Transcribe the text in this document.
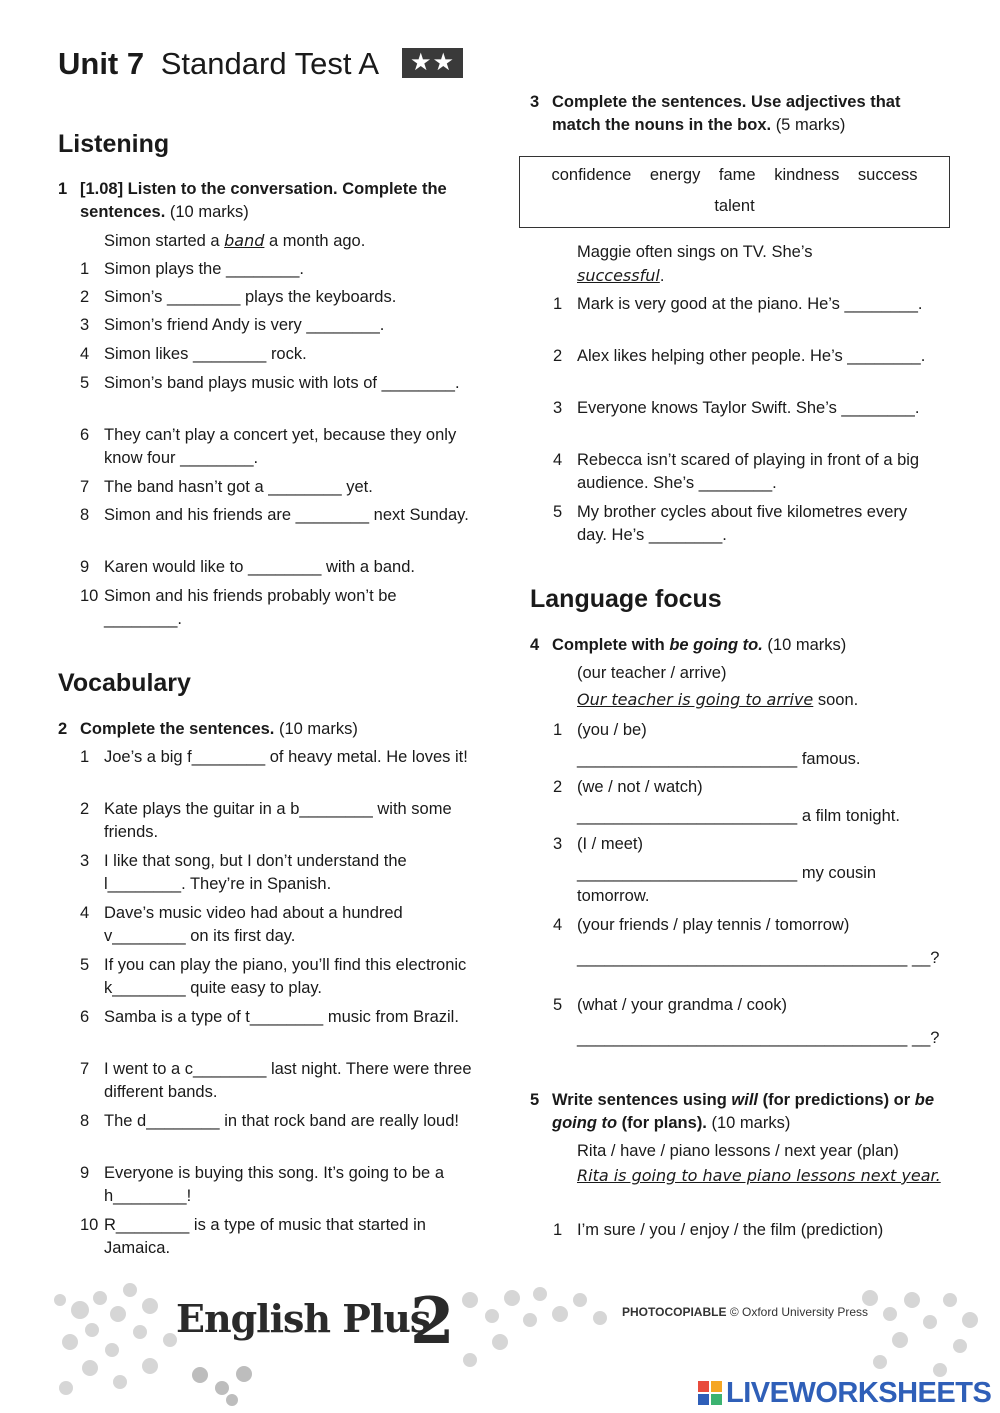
Unit 7 Standard Test A ★★
Listening
1 [1.08] Listen to the conversation. Complete the sentences. (10 marks)
Simon started a band a month ago.
1 Simon plays the ________.
2 Simon’s ________ plays the keyboards.
3 Simon’s friend Andy is very ________.
4 Simon likes ________ rock.
5 Simon’s band plays music with lots of ________.
6 They can’t play a concert yet, because they only know four ________.
7 The band hasn’t got a ________ yet.
8 Simon and his friends are ________ next Sunday.
9 Karen would like to ________ with a band.
10 Simon and his friends probably won’t be ________.
Vocabulary
2 Complete the sentences. (10 marks)
1 Joe’s a big f________ of heavy metal. He loves it!
2 Kate plays the guitar in a b________ with some friends.
3 I like that song, but I don’t understand the l________. They’re in Spanish.
4 Dave’s music video had about a hundred v________ on its first day.
5 If you can play the piano, you’ll find this electronic k________ quite easy to play.
6 Samba is a type of t________ music from Brazil.
7 I went to a c________ last night. There were three different bands.
8 The d________ in that rock band are really loud!
9 Everyone is buying this song. It’s going to be a h________!
10 R________ is a type of music that started in Jamaica.
3 Complete the sentences. Use adjectives that match the nouns in the box. (5 marks)
confidence energy fame kindness success
talent
Maggie often sings on TV. She’s
successful.
1 Mark is very good at the piano. He’s ________.
2 Alex likes helping other people. He’s ________.
3 Everyone knows Taylor Swift. She’s ________.
4 Rebecca isn’t scared of playing in front of a big audience. She’s ________.
5 My brother cycles about five kilometres every day. He’s ________.
Language focus
4 Complete with be going to. (10 marks)
(our teacher / arrive)
Our teacher is going to arrive soon.
1 (you / be)
________________________ famous.
2 (we / not / watch)
________________________ a film tonight.
3 (I / meet)
________________________ my cousin tomorrow.
4 (your friends / play tennis / tomorrow)
____________________________________ __?
5 (what / your grandma / cook)
____________________________________ __?
5 Write sentences using will (for predictions) or be going to (for plans). (10 marks)
Rita / have / piano lessons / next year (plan)
Rita is going to have piano lessons next year.
1 I’m sure / you / enjoy / the film (prediction)
English Plus
2	PHOTOCOPIABLE © Oxford University Press
LIVEWORKSHEETS
